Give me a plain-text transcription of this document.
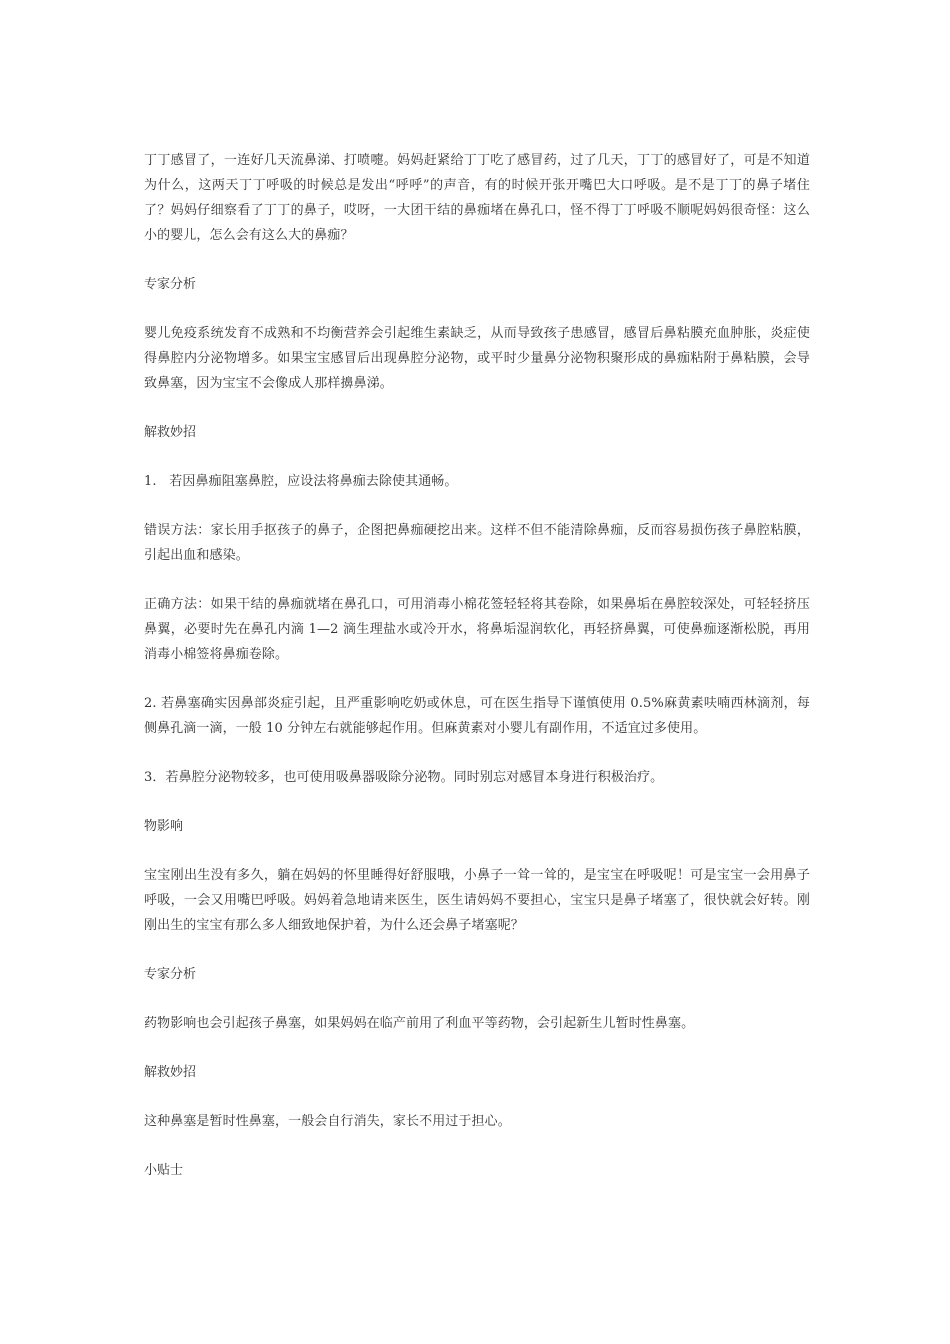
丁丁感冒了，一连好几天流鼻涕、打喷嚏。妈妈赶紧给丁丁吃了感冒药，过了几天，丁丁的感冒好了，可是不知道为什么，这两天丁丁呼吸的时候总是发出“呼呼”的声音，有的时候开张开嘴巴大口呼吸。是不是丁丁的鼻子堵住了？妈妈仔细察看了丁丁的鼻子，哎呀，一大团干结的鼻痂堵在鼻孔口，怪不得丁丁呼吸不顺呢妈妈很奇怪：这么小的婴儿，怎么会有这么大的鼻痂？

专家分析

婴儿免疫系统发育不成熟和不均衡营养会引起维生素缺乏，从而导致孩子患感冒，感冒后鼻粘膜充血肿胀，炎症使得鼻腔内分泌物增多。如果宝宝感冒后出现鼻腔分泌物，或平时少量鼻分泌物积聚形成的鼻痂粘附于鼻粘膜，会导致鼻塞，因为宝宝不会像成人那样擤鼻涕。

解救妙招

1.   若因鼻痂阻塞鼻腔，应设法将鼻痂去除使其通畅。

错误方法：家长用手抠孩子的鼻子，企图把鼻痂硬挖出来。这样不但不能清除鼻痂，反而容易损伤孩子鼻腔粘膜，引起出血和感染。

正确方法：如果干结的鼻痂就堵在鼻孔口，可用消毒小棉花签轻轻将其卷除，如果鼻垢在鼻腔较深处，可轻轻挤压鼻翼，必要时先在鼻孔内滴 1—2 滴生理盐水或冷开水，将鼻垢湿润软化，再轻挤鼻翼，可使鼻痂逐渐松脱，再用消毒小棉签将鼻痂卷除。

2. 若鼻塞确实因鼻部炎症引起，且严重影响吃奶或休息，可在医生指导下谨慎使用 0.5%麻黄素呋喃西林滴剂，每侧鼻孔滴一滴，一般 10 分钟左右就能够起作用。但麻黄素对小婴儿有副作用，不适宜过多使用。

3．若鼻腔分泌物较多，也可使用吸鼻器吸除分泌物。同时别忘对感冒本身进行积极治疗。

物影响

宝宝刚出生没有多久，躺在妈妈的怀里睡得好舒服哦，小鼻子一耸一耸的，是宝宝在呼吸呢！可是宝宝一会用鼻子呼吸，一会又用嘴巴呼吸。妈妈着急地请来医生，医生请妈妈不要担心，宝宝只是鼻子堵塞了，很快就会好转。刚刚出生的宝宝有那么多人细致地保护着，为什么还会鼻子堵塞呢？

专家分析

药物影响也会引起孩子鼻塞，如果妈妈在临产前用了利血平等药物，会引起新生儿暂时性鼻塞。

解救妙招

这种鼻塞是暂时性鼻塞，一般会自行消失，家长不用过于担心。

小贴士
